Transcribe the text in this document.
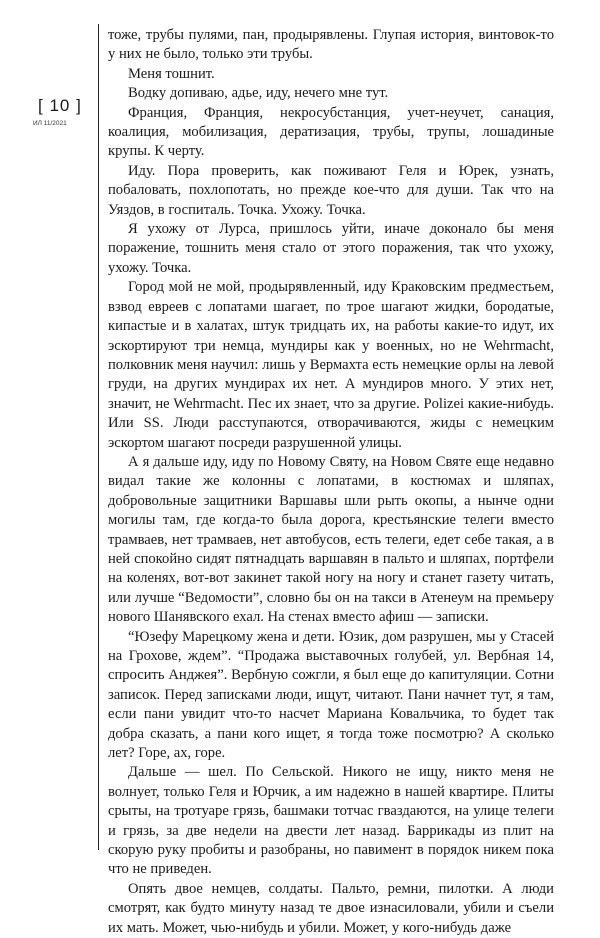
[ 10 ]
ИЛ 11/2021

тоже, трубы пулями, пан, продырявлены. Глупая история, винтовок-то у них не было, только эти трубы.

Меня тошнит.

Водку допиваю, адье, иду, нечего мне тут.

Франция, Франция, некросубстанция, учет-неучет, санация, коалиция, мобилизация, дератизация, трубы, трупы, лошадиные крупы. К черту.

Иду. Пора проверить, как поживают Геля и Юрек, узнать, побаловать, похлопотать, но прежде кое-что для души. Так что на Уяздов, в госпиталь. Точка. Ухожу. Точка.

Я ухожу от Лурса, пришлось уйти, иначе доконало бы меня поражение, тошнить меня стало от этого поражения, так что ухожу, ухожу. Точка.

Город мой не мой, продырявленный, иду Краковским предместьем, взвод евреев с лопатами шагает, по трое шагают жидки, бородатые, кипастые и в халатах, штук тридцать их, на работы какие-то идут, их эскортируют три немца, мундиры как у военных, но не Wehrmacht, полковник меня научил: лишь у Вермахта есть немецкие орлы на левой груди, на других мундирах их нет. А мундиров много. У этих нет, значит, не Wehrmacht. Пес их знает, что за другие. Polizei какие-нибудь. Или SS. Люди расступаются, отворачиваются, жиды с немецким эскортом шагают посреди разрушенной улицы.

А я дальше иду, иду по Новому Святу, на Новом Святе еще недавно видал такие же колонны с лопатами, в костюмах и шляпах, добровольные защитники Варшавы шли рыть окопы, а нынче одни могилы там, где когда-то была дорога, крестьянские телеги вместо трамваев, нет трамваев, нет автобусов, есть телеги, едет себе такая, а в ней спокойно сидят пятнадцать варшавян в пальто и шляпах, портфели на коленях, вот-вот закинет такой ногу на ногу и станет газету читать, или лучше “Ведомости”, словно бы он на такси в Атенеум на премьеру нового Шанявского ехал. На стенах вместо афиш — записки.

“Юзефу Марецкому жена и дети. Юзик, дом разрушен, мы у Стасей на Грохове, ждем”. “Продажа выставочных голубей, ул. Вербная 14, спросить Анджея”. Вербную сожгли, я был еще до капитуляции. Сотни записок. Перед записками люди, ищут, читают. Пани начнет тут, я там, если пани увидит что-то насчет Мариана Ковальчика, то будет так добра сказать, а пани кого ищет, я тогда тоже посмотрю? А сколько лет? Горе, ах, горе.

Дальше — шел. По Сельской. Никого не ищу, никто меня не волнует, только Геля и Юрчик, а им надежно в нашей квартире. Плиты срыты, на тротуаре грязь, башмаки тотчас гваздаются, на улице телеги и грязь, за две недели на двести лет назад. Баррикады из плит на скорую руку пробиты и разобраны, но павимент в порядок никем пока что не приведен.

Опять двое немцев, солдаты. Пальто, ремни, пилотки. А люди смотрят, как будто минуту назад те двое изнасиловали, убили и съели их мать. Может, чью-нибудь и убили. Может, у кого-нибудь даже
